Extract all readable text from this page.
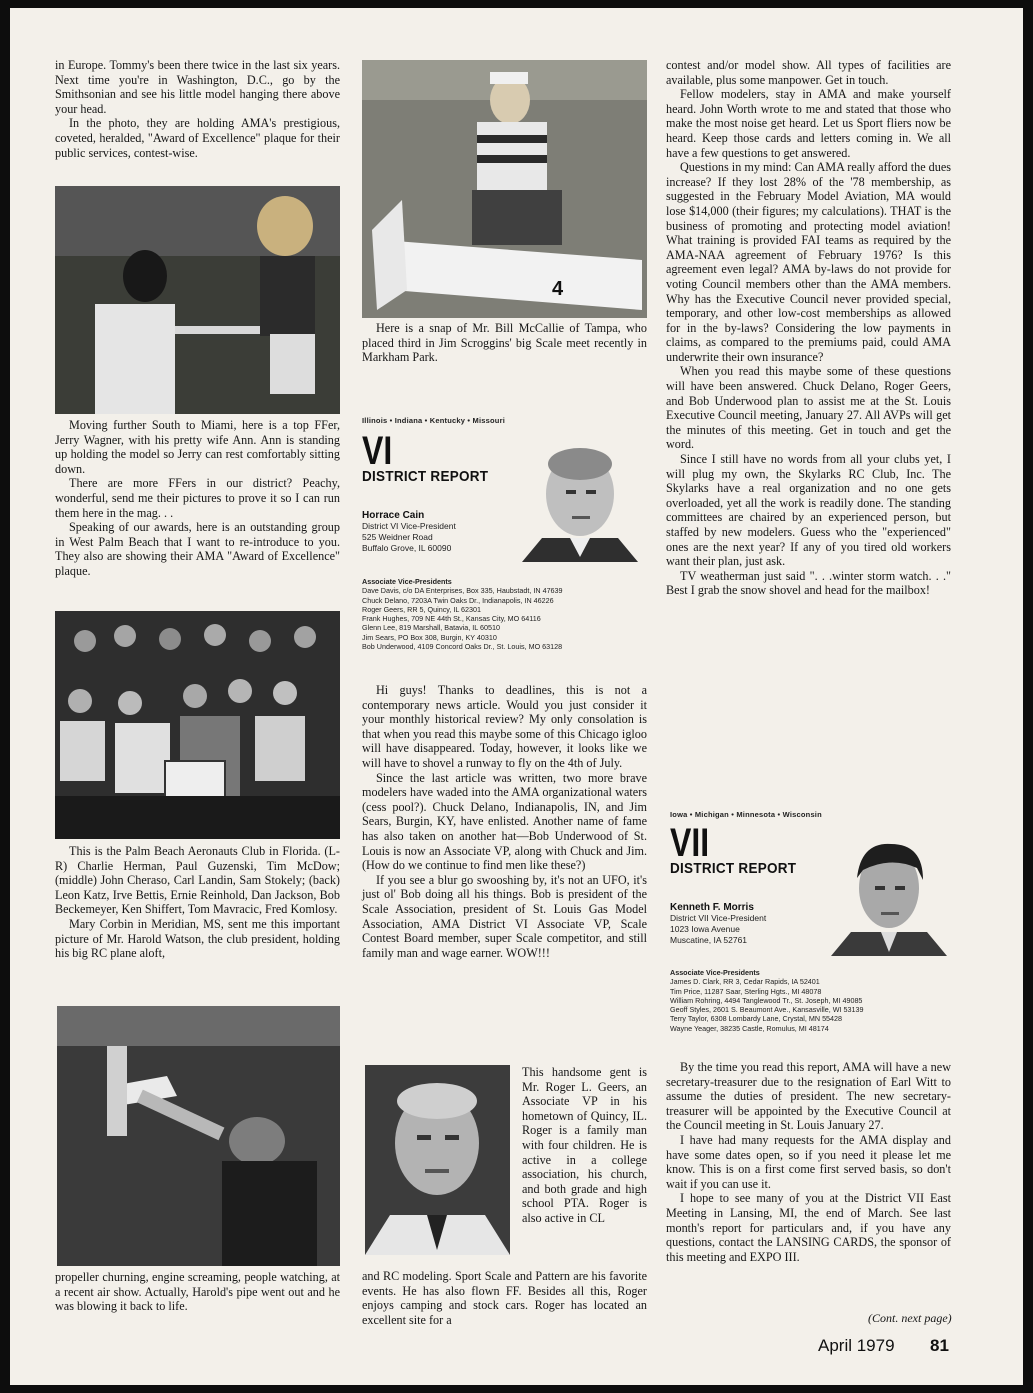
in Europe. Tommy's been there twice in the last six years. Next time you're in Washington, D.C., go by the Smithsonian and see his little model hanging there above your head.

In the photo, they are holding AMA's prestigious, coveted, heralded, "Award of Excellence" plaque for their public services, contest-wise.

Moving further South to Miami, here is a top FFer, Jerry Wagner, with his pretty wife Ann. Ann is standing up holding the model so Jerry can rest comfortably sitting down.

There are more FFers in our district? Peachy, wonderful, send me their pictures to prove it so I can run them here in the mag. . .

Speaking of our awards, here is an outstanding group in West Palm Beach that I want to re-introduce to you. They also are showing their AMA "Award of Excellence" plaque.

This is the Palm Beach Aeronauts Club in Florida. (L-R) Charlie Herman, Paul Guzenski, Tim McDow; (middle) John Cheraso, Carl Landin, Sam Stokely; (back) Leon Katz, Irve Bettis, Ernie Reinhold, Dan Jackson, Bob Beckemeyer, Ken Shiffert, Tom Mavracic, Fred Komlosy.

Mary Corbin in Meridian, MS, sent me this important picture of Mr. Harold Watson, the club president, holding his big RC plane aloft,

propeller churning, engine screaming, people watching, at a recent air show. Actually, Harold's pipe went out and he was blowing it back to life.

4

Here is a snap of Mr. Bill McCallie of Tampa, who placed third in Jim Scroggins' big Scale meet recently in Markham Park.

Illinois • Indiana • Kentucky • Missouri
VI
DISTRICT REPORT
Horrace Cain
District VI Vice-President
525 Weidner Road
Buffalo Grove, IL 60090
Associate Vice-Presidents
Dave Davis, c/o DA Enterprises, Box 335, Haubstadt, IN 47639
Chuck Delano, 7203A Twin Oaks Dr., Indianapolis, IN 46226
Roger Geers, RR 5, Quincy, IL 62301
Frank Hughes, 709 NE 44th St., Kansas City, MO 64116
Glenn Lee, 819 Marshall, Batavia, IL 60510
Jim Sears, PO Box 308, Burgin, KY 40310
Bob Underwood, 4109 Concord Oaks Dr., St. Louis, MO 63128

Hi guys! Thanks to deadlines, this is not a contemporary news article. Would you just consider it your monthly historical review? My only consolation is that when you read this maybe some of this Chicago igloo will have disappeared. Today, however, it looks like we will have to shovel a runway to fly on the 4th of July.

Since the last article was written, two more brave modelers have waded into the AMA organizational waters (cess pool?). Chuck Delano, Indianapolis, IN, and Jim Sears, Burgin, KY, have enlisted. Another name of fame has also taken on another hat—Bob Underwood of St. Louis is now an Associate VP, along with Chuck and Jim. (How do we continue to find men like these?)

If you see a blur go swooshing by, it's not an UFO, it's just ol' Bob doing all his things. Bob is president of the Scale Association, president of St. Louis Gas Model Association, AMA District VI Associate VP, Scale Contest Board member, super Scale competitor, and still family man and wage earner. WOW!!!

This handsome gent is Mr. Roger L. Geers, an Associate VP in his hometown of Quincy, IL. Roger is a family man with four children. He is active in a college association, his church, and both grade and high school PTA. Roger is also active in CL

and RC modeling. Sport Scale and Pattern are his favorite events. He has also flown FF. Besides all this, Roger enjoys camping and stock cars. Roger has located an excellent site for a

contest and/or model show. All types of facilities are available, plus some manpower. Get in touch.

Fellow modelers, stay in AMA and make yourself heard. John Worth wrote to me and stated that those who make the most noise get heard. Let us Sport fliers now be heard. Keep those cards and letters coming in. We all have a few questions to get answered.

Questions in my mind: Can AMA really afford the dues increase? If they lost 28% of the '78 membership, as suggested in the February Model Aviation, MA would lose $14,000 (their figures; my calculations). THAT is the business of promoting and protecting model aviation! What training is provided FAI teams as required by the AMA-NAA agreement of February 1976? Is this agreement even legal? AMA by-laws do not provide for voting Council members other than the AMA members. Why has the Executive Council never provided special, temporary, and other low-cost memberships as allowed for in the by-laws? Considering the low payments in claims, as compared to the premiums paid, could AMA underwrite their own insurance?

When you read this maybe some of these questions will have been answered. Chuck Delano, Roger Geers, and Bob Underwood plan to assist me at the St. Louis Executive Council meeting, January 27. All AVPs will get the minutes of this meeting. Get in touch and get the word.

Since I still have no words from all your clubs yet, I will plug my own, the Skylarks RC Club, Inc. The Skylarks have a real organization and no one gets overloaded, yet all the work is readily done. The standing committees are chaired by an experienced person, but staffed by new modelers. Guess who the "experienced" ones are the next year? If any of you tired old workers want their plan, just ask.

TV weatherman just said ". . .winter storm watch. . ." Best I grab the snow shovel and head for the mailbox!

Iowa • Michigan • Minnesota • Wisconsin
VII
DISTRICT REPORT
Kenneth F. Morris
District VII Vice-President
1023 Iowa Avenue
Muscatine, IA 52761
Associate Vice-Presidents
James D. Clark, RR 3, Cedar Rapids, IA 52401
Tim Price, 11287 Saar, Sterling Hgts., MI 48078
William Rohring, 4494 Tanglewood Tr., St. Joseph, MI 49085
Geoff Styles, 2601 S. Beaumont Ave., Kansasville, WI 53139
Terry Taylor, 6308 Lombardy Lane, Crystal, MN 55428
Wayne Yeager, 38235 Castle, Romulus, MI 48174

By the time you read this report, AMA will have a new secretary-treasurer due to the resignation of Earl Witt to assume the duties of president. The new secretary-treasurer will be appointed by the Executive Council at the Council meeting in St. Louis January 27.

I have had many requests for the AMA display and have some dates open, so if you need it please let me know. This is on a first come first served basis, so don't wait if you can use it.

I hope to see many of you at the District VII East Meeting in Lansing, MI, the end of March. See last month's report for particulars and, if you have any questions, contact the LANSING CARDS, the sponsor of this meeting and EXPO III.

(Cont. next page)
April 1979 81
